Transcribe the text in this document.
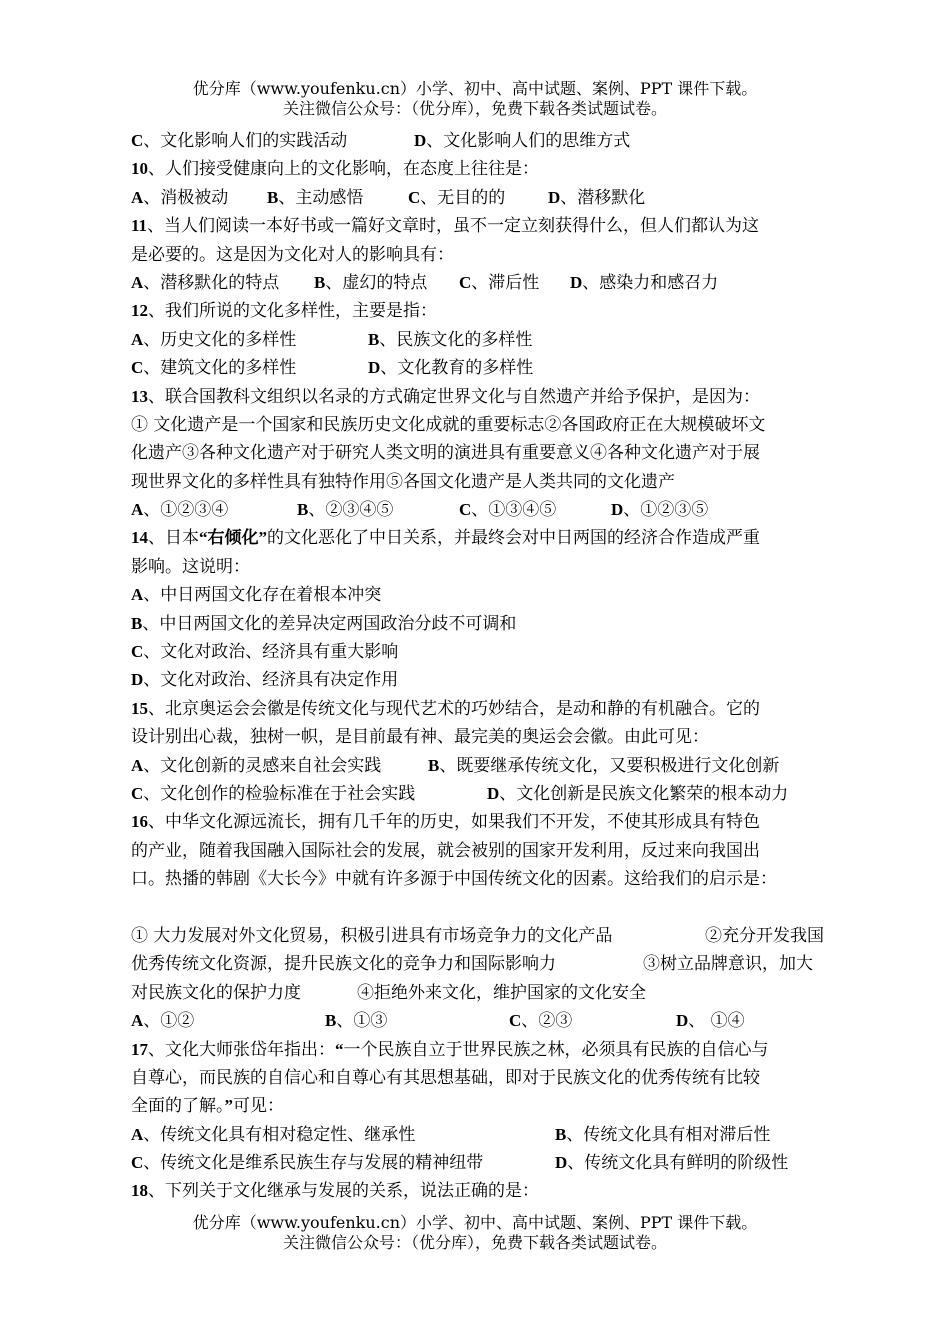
优分库（www.youfenku.cn）小学、初中、高中试题、案例、PPT 课件下载。
关注微信公众号：（优分库），免费下载各类试题试卷。
C、文化影响人们的实践活动	D、文化影响人们的思维方式
10、人们接受健康向上的文化影响，在态度上往往是：
A、消极被动 B、主动感悟	C、无目的的	D、潜移默化
11、当人们阅读一本好书或一篇好文章时，虽不一定立刻获得什么，但人们都认为这
是必要的。这是因为文化对人的影响具有：
A、潜移默化的特点 B、虚幻的特点 C、滞后性 D、感染力和感召力
12、我们所说的文化多样性，主要是指：
A、历史文化的多样性	B、民族文化的多样性
C、建筑文化的多样性	D、文化教育的多样性
13、联合国教科文组织以名录的方式确定世界文化与自然遗产并给予保护，是因为：
① 文化遗产是一个国家和民族历史文化成就的重要标志②各国政府正在大规模破坏文
化遗产③各种文化遗产对于研究人类文明的演进具有重要意义④各种文化遗产对于展
现世界文化的多样性具有独特作用⑤各国文化遗产是人类共同的文化遗产
A、①②③④	B、②③④⑤	C、①③④⑤	D、①②③⑤
14、日本“右倾化”的文化恶化了中日关系，并最终会对中日两国的经济合作造成严重
影响。这说明：
A、中日两国文化存在着根本冲突
B、中日两国文化的差异决定两国政治分歧不可调和
C、文化对政治、经济具有重大影响
D、文化对政治、经济具有决定作用
15、北京奥运会会徽是传统文化与现代艺术的巧妙结合，是动和静的有机融合。它的
设计别出心裁，独树一帜，是目前最有神、最完美的奥运会会徽。由此可见：
A、文化创新的灵感来自社会实践	B、既要继承传统文化，又要积极进行文化创新
C、文化创作的检验标准在于社会实践	D、文化创新是民族文化繁荣的根本动力
16、中华文化源远流长，拥有几千年的历史，如果我们不开发，不使其形成具有特色
的产业，随着我国融入国际社会的发展，就会被别的国家开发利用，反过来向我国出
口。热播的韩剧《大长今》中就有许多源于中国传统文化的因素。这给我们的启示是：
① 大力发展对外文化贸易，积极引进具有市场竞争力的文化产品	②充分开发我国
优秀传统文化资源，提升民族文化的竞争力和国际影响力	③树立品牌意识，加大
对民族文化的保护力度	④拒绝外来文化，维护国家的文化安全
A、①②	B、①③	C、②③	D、 ①④
17、文化大师张岱年指出：“一个民族自立于世界民族之林，必须具有民族的自信心与
自尊心，而民族的自信心和自尊心有其思想基础，即对于民族文化的优秀传统有比较
全面的了解。”可见：
A、传统文化具有相对稳定性、继承性	B、传统文化具有相对滞后性
C、传统文化是维系民族生存与发展的精神纽带	D、传统文化具有鲜明的阶级性
18、下列关于文化继承与发展的关系，说法正确的是：
优分库（www.youfenku.cn）小学、初中、高中试题、案例、PPT 课件下载。
关注微信公众号：（优分库），免费下载各类试题试卷。
